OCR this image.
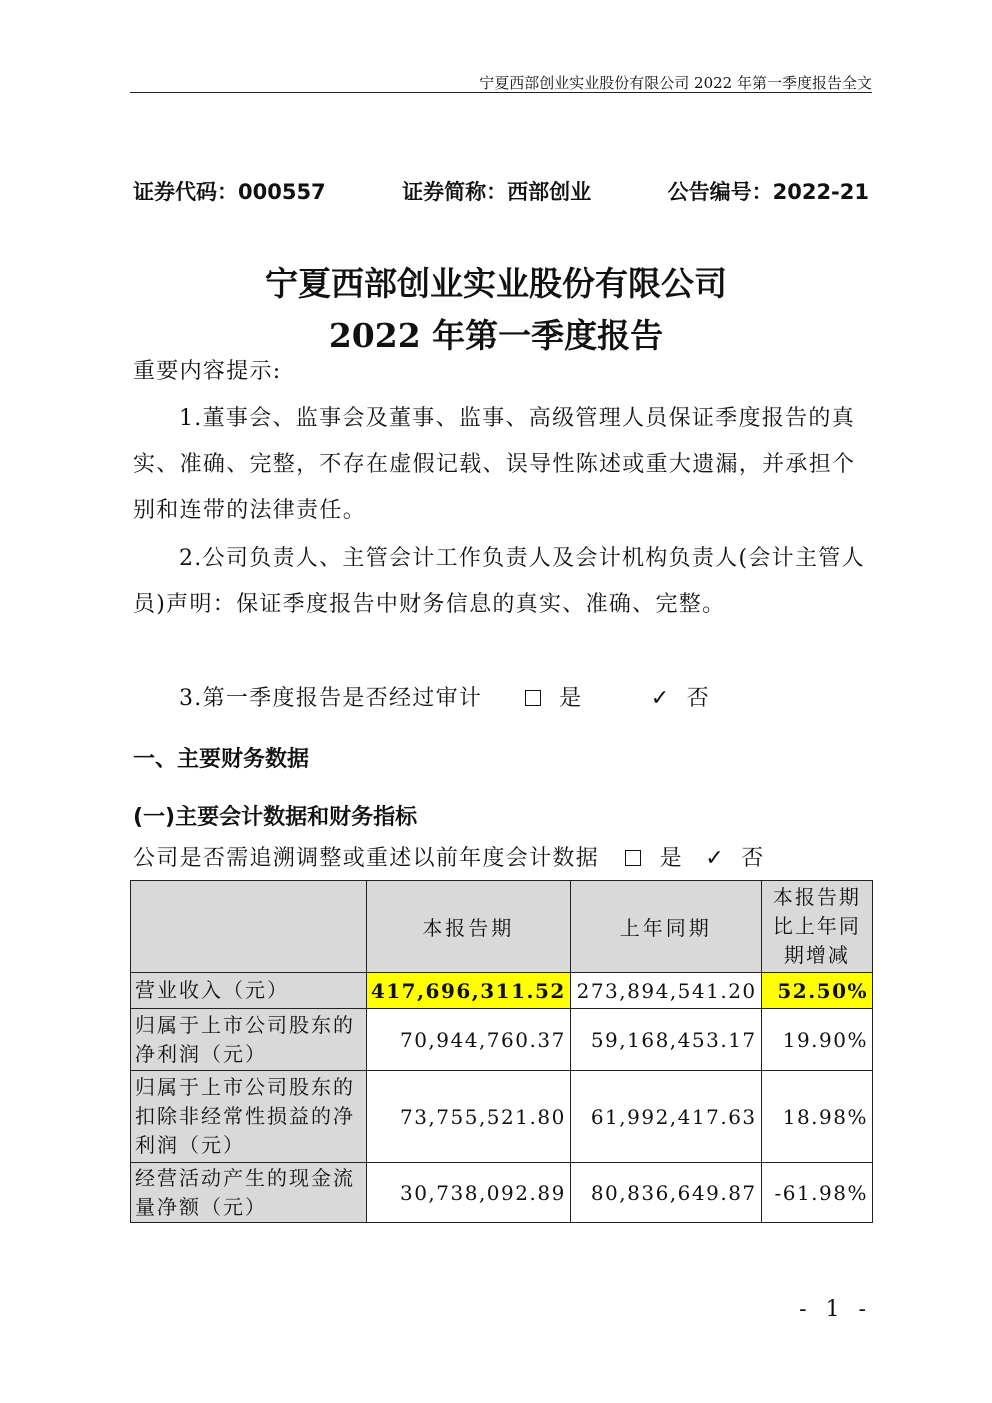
宁夏西部创业实业股份有限公司 2022 年第一季度报告全文
证券代码：000557	证券简称：西部创业	公告编号：2022-21
宁夏西部创业实业股份有限公司
2022 年第一季度报告
重要内容提示:
1.董事会、监事会及董事、监事、高级管理人员保证季度报告的真实、准确、完整，不存在虚假记载、误导性陈述或重大遗漏，并承担个别和连带的法律责任。
2.公司负责人、主管会计工作负责人及会计机构负责人(会计主管人员)声明：保证季度报告中财务信息的真实、准确、完整。
3.第一季度报告是否经过审计	是	✓ 否
一、主要财务数据
(一)主要会计数据和财务指标
公司是否需追溯调整或重述以前年度会计数据	是 ✓ 否
	本报告期	上年同期	本报告期比上年同期增减
营业收入（元）	417,696,311.52	273,894,541.20	52.50%
归属于上市公司股东的净利润（元）	70,944,760.37	59,168,453.17	19.90%
归属于上市公司股东的扣除非经常性损益的净利润（元）	73,755,521.80	61,992,417.63	18.98%
经营活动产生的现金流量净额（元）	30,738,092.89	80,836,649.87	-61.98%
- 1 -
